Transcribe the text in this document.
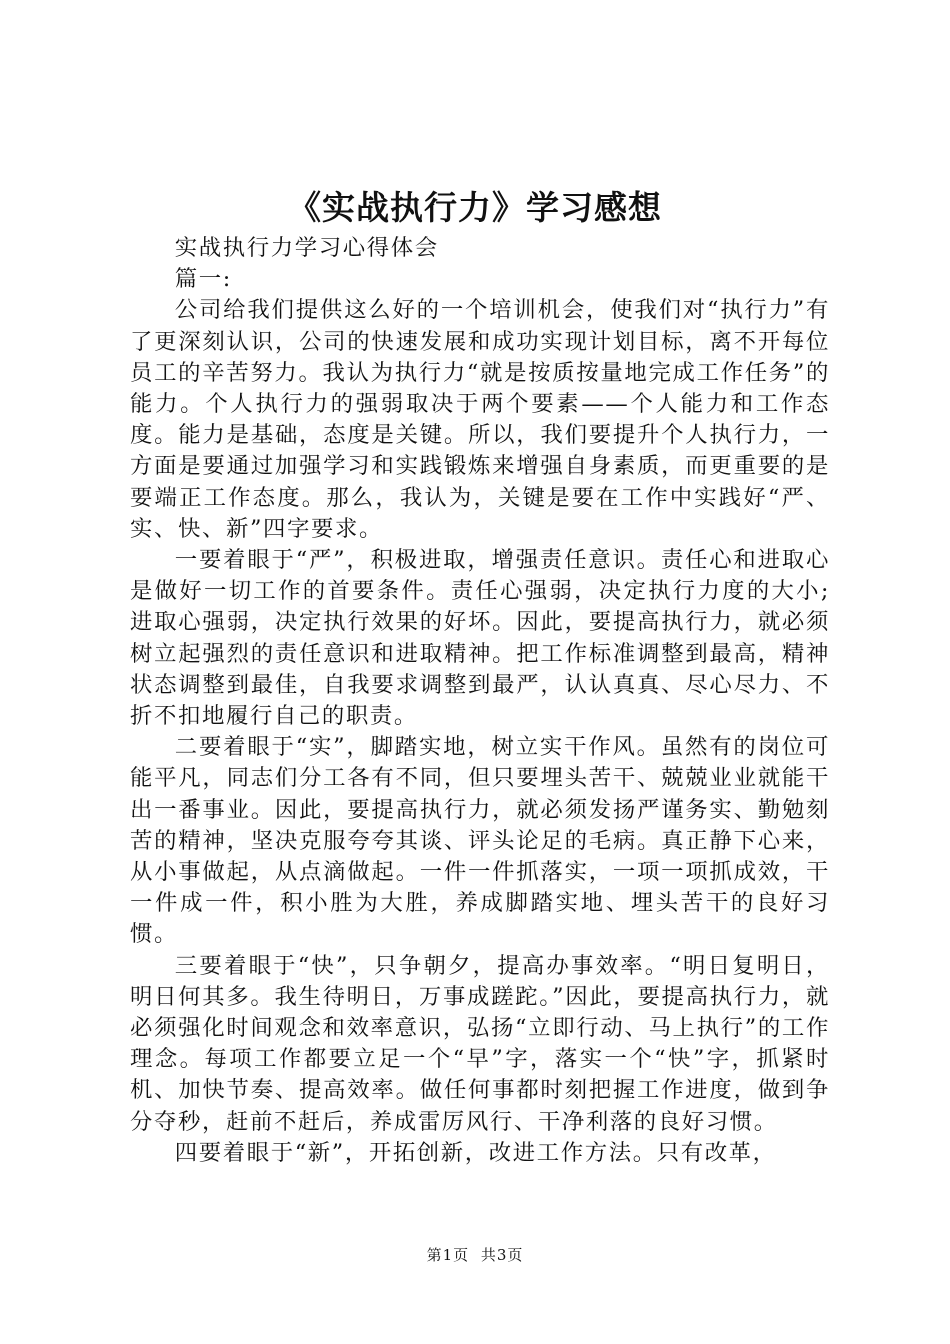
《实战执行力》学习感想

实战执行力学习心得体会

篇一:

公司给我们提供这么好的一个培训机会，使我们对“执行力”有了更深刻认识，公司的快速发展和成功实现计划目标，离不开每位员工的辛苦努力。我认为执行力“就是按质按量地完成工作任务”的能力。个人执行力的强弱取决于两个要素——个人能力和工作态度。能力是基础，态度是关键。所以，我们要提升个人执行力，一方面是要通过加强学习和实践锻炼来增强自身素质，而更重要的是要端正工作态度。那么，我认为，关键是要在工作中实践好“严、实、快、新”四字要求。

一要着眼于“严”，积极进取，增强责任意识。责任心和进取心是做好一切工作的首要条件。责任心强弱，决定执行力度的大小;进取心强弱，决定执行效果的好坏。因此，要提高执行力，就必须树立起强烈的责任意识和进取精神。把工作标准调整到最高，精神状态调整到最佳，自我要求调整到最严，认认真真、尽心尽力、不折不扣地履行自己的职责。

二要着眼于“实”，脚踏实地，树立实干作风。虽然有的岗位可能平凡，同志们分工各有不同，但只要埋头苦干、兢兢业业就能干出一番事业。因此，要提高执行力，就必须发扬严谨务实、勤勉刻苦的精神，坚决克服夸夸其谈、评头论足的毛病。真正静下心来，从小事做起，从点滴做起。一件一件抓落实，一项一项抓成效，干一件成一件，积小胜为大胜，养成脚踏实地、埋头苦干的良好习惯。

三要着眼于“快”，只争朝夕，提高办事效率。“明日复明日，明日何其多。我生待明日，万事成蹉跎。”因此，要提高执行力，就必须强化时间观念和效率意识，弘扬“立即行动、马上执行”的工作理念。每项工作都要立足一个“早”字，落实一个“快”字，抓紧时机、加快节奏、提高效率。做任何事都时刻把握工作进度，做到争分夺秒，赶前不赶后，养成雷厉风行、干净利落的良好习惯。

四要着眼于“新”，开拓创新，改进工作方法。只有改革，

第1页 共3页
